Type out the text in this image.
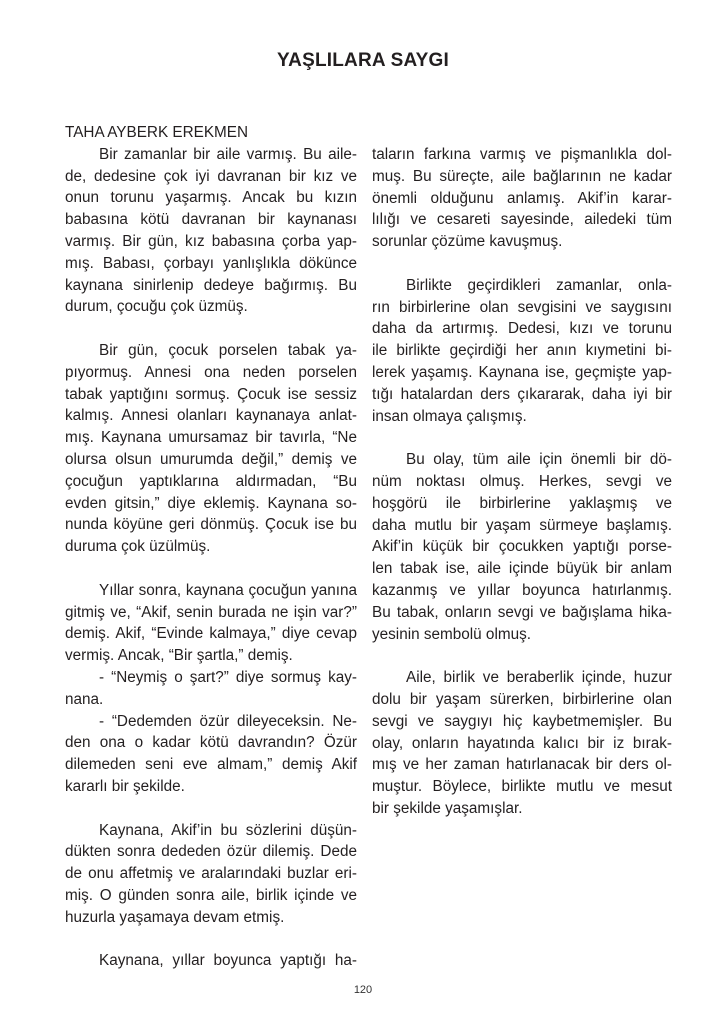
YAŞLILARA SAYGI
TAHA AYBERK EREKMEN
Bir zamanlar bir aile varmış. Bu aile-
de, dedesine çok iyi davranan bir kız ve
onun torunu yaşarmış. Ancak bu kızın
babasına kötü davranan bir kaynanası
varmış. Bir gün, kız babasına çorba yap-
mış. Babası, çorbayı yanlışlıkla dökünce
kaynana sinirlenip dedeye bağırmış. Bu
durum, çocuğu çok üzmüş.
Bir gün, çocuk porselen tabak ya-
pıyormuş. Annesi ona neden porselen
tabak yaptığını sormuş. Çocuk ise sessiz
kalmış. Annesi olanları kaynanaya anlat-
mış. Kaynana umursamaz bir tavırla, “Ne
olursa olsun umurumda değil,” demiş ve
çocuğun yaptıklarına aldırmadan, “Bu
evden gitsin,” diye eklemiş. Kaynana so-
nunda köyüne geri dönmüş. Çocuk ise bu
duruma çok üzülmüş.
Yıllar sonra, kaynana çocuğun yanına
gitmiş ve, “Akif, senin burada ne işin var?”
demiş. Akif, “Evinde kalmaya,” diye cevap
vermiş. Ancak, “Bir şartla,” demiş.
- “Neymiş o şart?” diye sormuş kay-
nana.
- “Dedemden özür dileyeceksin. Ne-
den ona o kadar kötü davrandın? Özür
dilemeden seni eve almam,” demiş Akif
kararlı bir şekilde.
Kaynana, Akif’in bu sözlerini düşün-
dükten sonra dededen özür dilemiş. Dede
de onu affetmiş ve aralarındaki buzlar eri-
miş. O günden sonra aile, birlik içinde ve
huzurla yaşamaya devam etmiş.
Kaynana, yıllar boyunca yaptığı ha-
taların farkına varmış ve pişmanlıkla dol-
muş. Bu süreçte, aile bağlarının ne kadar
önemli olduğunu anlamış. Akif’in karar-
lılığı ve cesareti sayesinde, ailedeki tüm
sorunlar çözüme kavuşmuş.
Birlikte geçirdikleri zamanlar, onla-
rın birbirlerine olan sevgisini ve saygısını
daha da artırmış. Dedesi, kızı ve torunu
ile birlikte geçirdiği her anın kıymetini bi-
lerek yaşamış. Kaynana ise, geçmişte yap-
tığı hatalardan ders çıkararak, daha iyi bir
insan olmaya çalışmış.
Bu olay, tüm aile için önemli bir dö-
nüm noktası olmuş. Herkes, sevgi ve
hoşgörü ile birbirlerine yaklaşmış ve
daha mutlu bir yaşam sürmeye başlamış.
Akif’in küçük bir çocukken yaptığı porse-
len tabak ise, aile içinde büyük bir anlam
kazanmış ve yıllar boyunca hatırlanmış.
Bu tabak, onların sevgi ve bağışlama hika-
yesinin sembolü olmuş.
Aile, birlik ve beraberlik içinde, huzur
dolu bir yaşam sürerken, birbirlerine olan
sevgi ve saygıyı hiç kaybetmemişler. Bu
olay, onların hayatında kalıcı bir iz bırak-
mış ve her zaman hatırlanacak bir ders ol-
muştur. Böylece, birlikte mutlu ve mesut
bir şekilde yaşamışlar.
120
